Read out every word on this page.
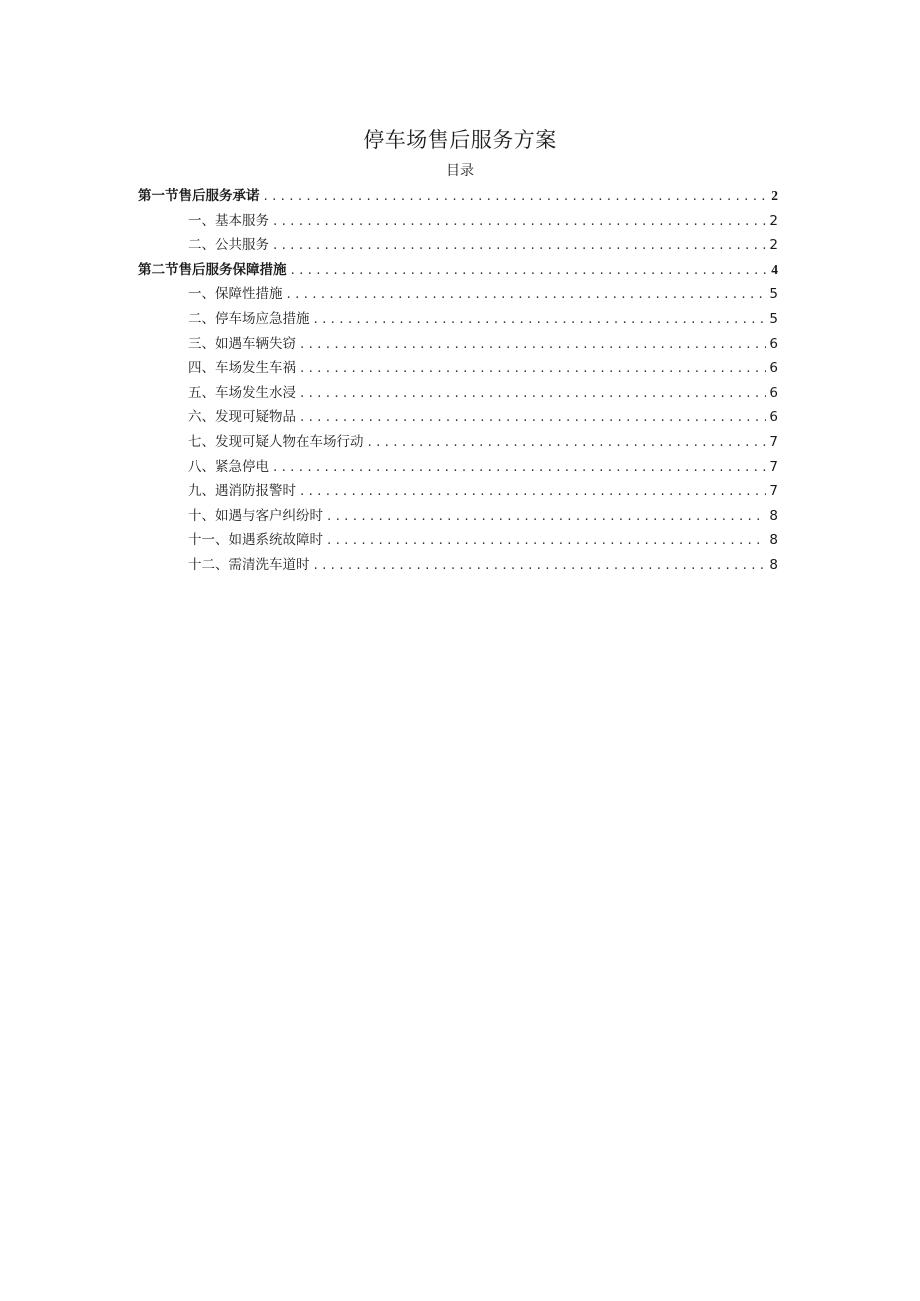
停车场售后服务方案
目录
第一节售后服务承诺 . . .	2
一、基本服务 . . .	2
二、公共服务 . . .	2
第二节售后服务保障措施 . . .	4
一、保障性措施 . . .	5
二、停车场应急措施 . . .	5
三、如遇车辆失窃 . . .	6
四、车场发生车祸 . . .	6
五、车场发生水浸 . . .	6
六、发现可疑物品 . . .	6
七、发现可疑人物在车场行动 . . .	7
八、紧急停电 . . .	7
九、遇消防报警时 . . .	7
十、如遇与客户纠纷时 . . .	8
十一、如遇系统故障时 . . .	8
十二、需清洗车道时 . . .	8
